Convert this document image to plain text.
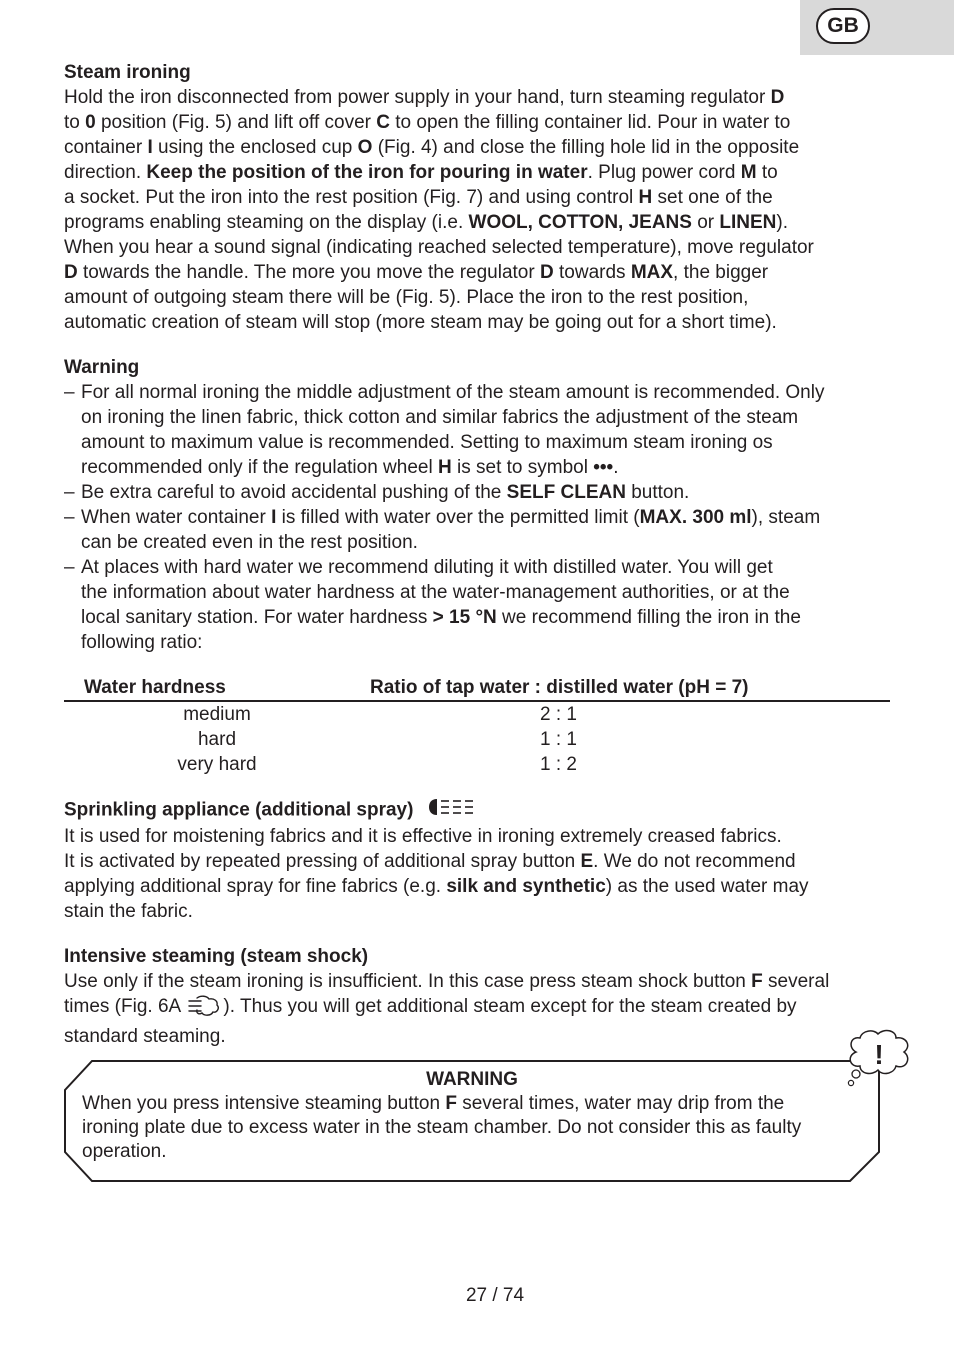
GB
Steam ironing

Hold the iron disconnected from power supply in your hand, turn steaming regulator D
to 0 position (Fig. 5) and lift off cover C to open the filling container lid. Pour in water to
container I using the enclosed cup O (Fig. 4) and close the filling hole lid in the opposite
direction. Keep the position of the iron for pouring in water. Plug power cord M to
a socket. Put the iron into the rest position (Fig. 7) and using control H set one of the
programs enabling steaming on the display (i.e. WOOL, COTTON, JEANS or LINEN).
When you hear a sound signal (indicating reached selected temperature), move regulator
D towards the handle. The more you move the regulator D towards MAX, the bigger
amount of outgoing steam there will be (Fig. 5). Place the iron to the rest position,
automatic creation of steam will stop (more steam may be going out for a short time).

Warning
– For all normal ironing the middle adjustment of the steam amount is recommended. Only
on ironing the linen fabric, thick cotton and similar fabrics the adjustment of the steam
amount to maximum value is recommended. Setting to maximum steam ironing os
recommended only if the regulation wheel H is set to symbol •••.
– Be extra careful to avoid accidental pushing of the SELF CLEAN button.
– When water container I is filled with water over the permitted limit (MAX. 300 ml), steam
can be created even in the rest position.
– At places with hard water we recommend diluting it with distilled water. You will get
the information about water hardness at the water-management authorities, or at the
local sanitary station. For water hardness > 15 °N we recommend filling the iron in the
following ratio:
Water hardness	Ratio of tap water : distilled water (pH = 7)
medium	2 : 1
hard	1 : 1
very hard	1 : 2
Sprinkling appliance (additional spray)

It is used for moistening fabrics and it is effective in ironing extremely creased fabrics.
It is activated by repeated pressing of additional spray button E. We do not recommend
applying additional spray for fine fabrics (e.g. silk and synthetic) as the used water may
stain the fabric.

Intensive steaming (steam shock)

Use only if the steam ironing is insufficient. In this case press steam shock button F several
times (Fig. 6A ). Thus you will get additional steam except for the steam created by
standard steaming.

WARNING
When you press intensive steaming button F several times, water may drip from the
ironing plate due to excess water in the steam chamber. Do not consider this as faulty
operation.
!
27 / 74
